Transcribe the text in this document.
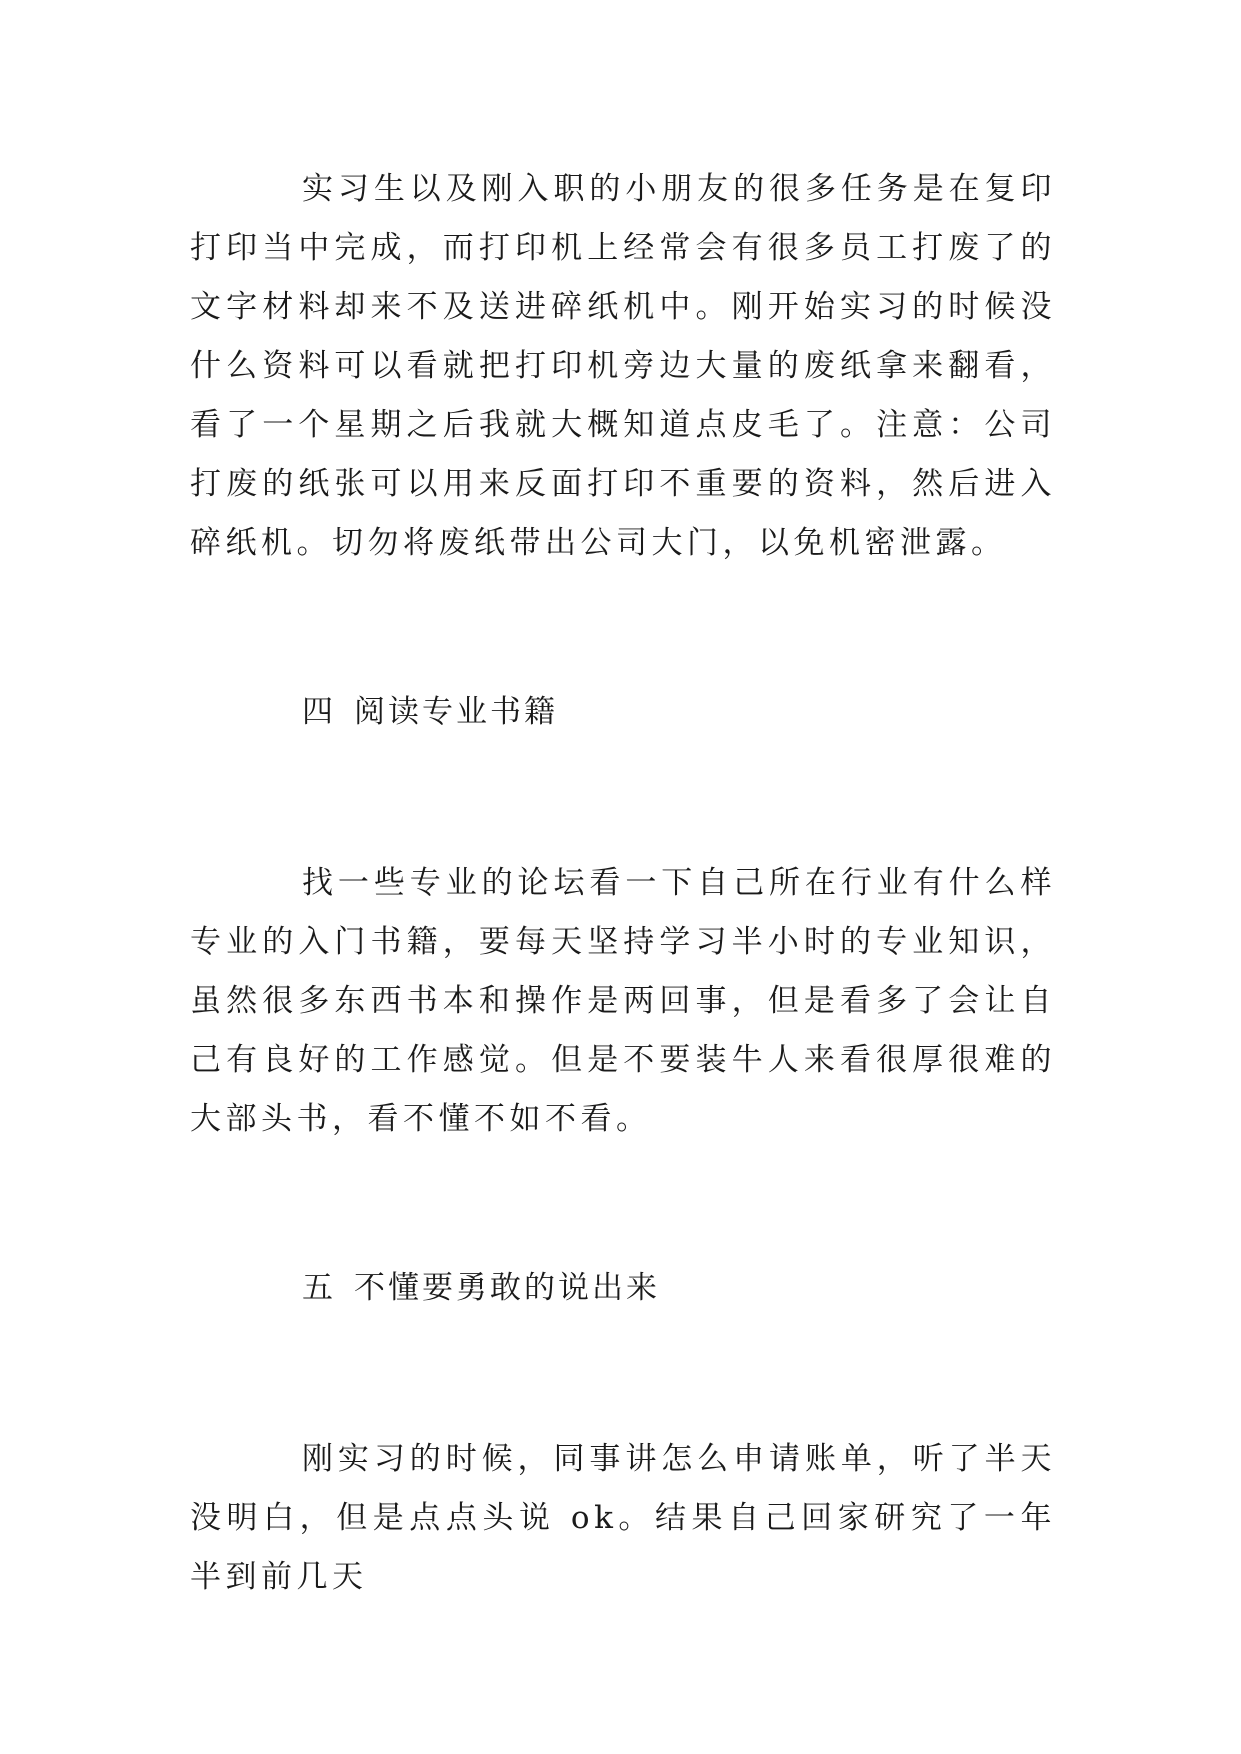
实习生以及刚入职的小朋友的很多任务是在复印打印当中完成，而打印机上经常会有很多员工打废了的文字材料却来不及送进碎纸机中。刚开始实习的时候没什么资料可以看就把打印机旁边大量的废纸拿来翻看，看了一个星期之后我就大概知道点皮毛了。注意：公司打废的纸张可以用来反面打印不重要的资料，然后进入碎纸机。切勿将废纸带出公司大门，以免机密泄露。

四 阅读专业书籍

找一些专业的论坛看一下自己所在行业有什么样专业的入门书籍，要每天坚持学习半小时的专业知识，虽然很多东西书本和操作是两回事，但是看多了会让自己有良好的工作感觉。但是不要装牛人来看很厚很难的大部头书，看不懂不如不看。

五 不懂要勇敢的说出来

刚实习的时候，同事讲怎么申请账单，听了半天没明白，但是点点头说 ok。结果自己回家研究了一年半到前几天
